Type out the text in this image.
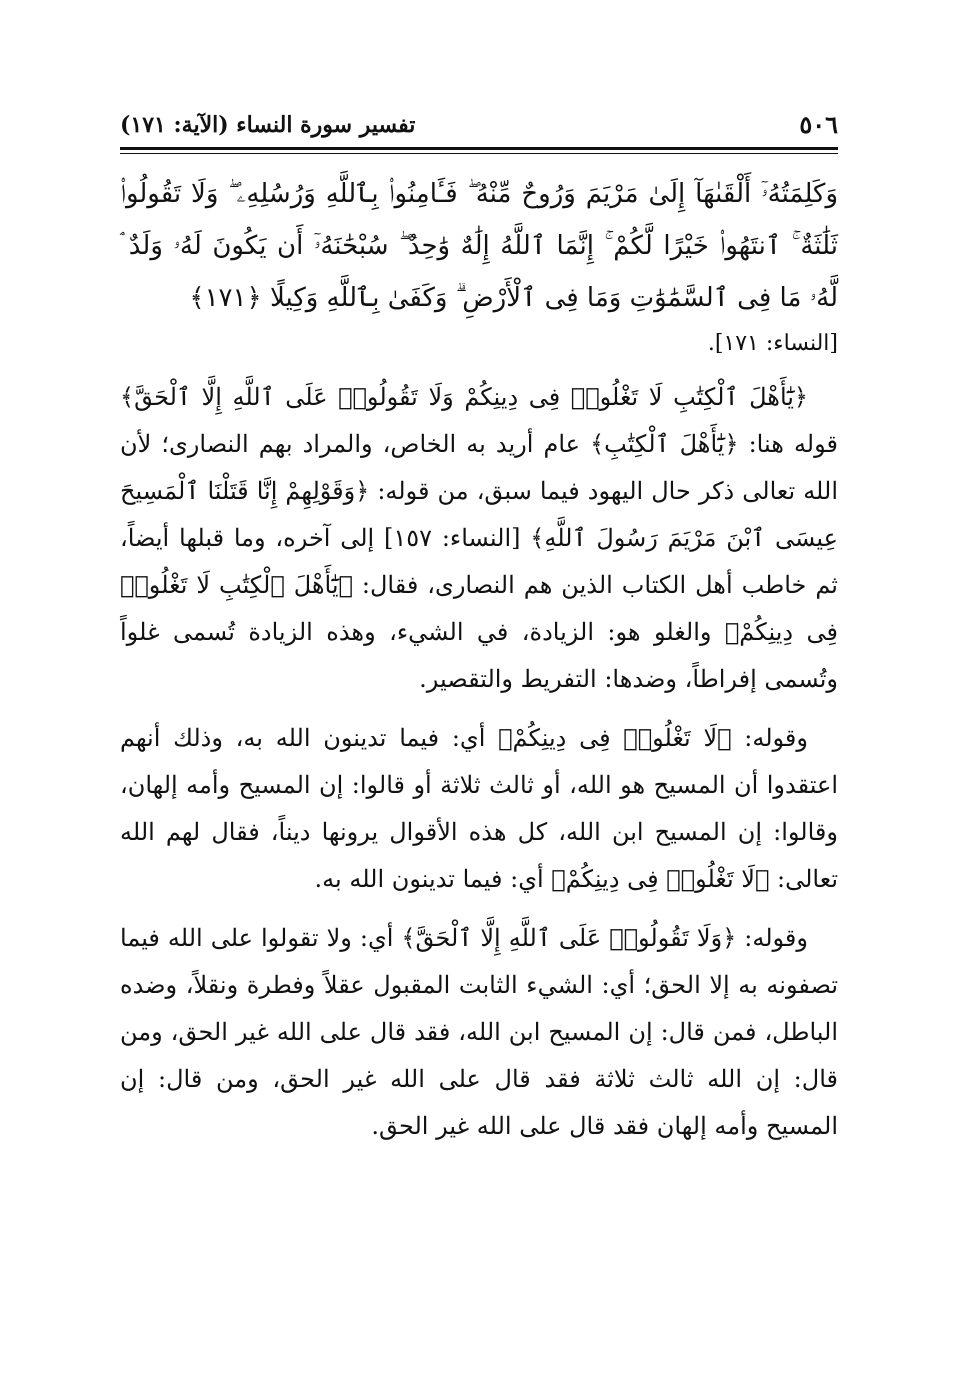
٥٠٦
تفسير سورة النساء (الآية: ١٧١)

وَكَلِمَتُهُۥٓ أَلْقَىٰهَآ إِلَىٰ مَرْيَمَ وَرُوحٌ مِّنْهُ ۖ فَـَٔامِنُوا۟ بِٱللَّهِ وَرُسُلِهِۦ ۖ وَلَا تَقُولُوا۟ ثَلَٰثَةٌ ۚ ٱنتَهُوا۟ خَيْرًا لَّكُمْ ۚ إِنَّمَا ٱللَّهُ إِلَٰهٌ وَٰحِدٌ ۖ سُبْحَٰنَهُۥٓ أَن يَكُونَ لَهُۥ وَلَدٌ ۘ لَّهُۥ مَا فِى ٱلسَّمَٰوَٰتِ وَمَا فِى ٱلْأَرْضِ ۗ وَكَفَىٰ بِٱللَّهِ وَكِيلًا ﴿١٧١﴾

[النساء: ١٧١].

﴿يَٰٓأَهْلَ ٱلْكِتَٰبِ لَا تَغْلُوا۟ فِى دِينِكُمْ وَلَا تَقُولُوا۟ عَلَى ٱللَّهِ إِلَّا ٱلْحَقَّ﴾ قوله هنا: ﴿يَٰٓأَهْلَ ٱلْكِتَٰبِ﴾ عام أريد به الخاص، والمراد بهم النصارى؛ لأن الله تعالى ذكر حال اليهود فيما سبق، من قوله: ﴿وَقَوْلِهِمْ إِنَّا قَتَلْنَا ٱلْمَسِيحَ عِيسَى ٱبْنَ مَرْيَمَ رَسُولَ ٱللَّهِ﴾ [النساء: ١٥٧] إلى آخره، وما قبلها أيضاً، ثم خاطب أهل الكتاب الذين هم النصارى، فقال: ﴿يَٰٓأَهْلَ ٱلْكِتَٰبِ لَا تَغْلُوا۟ فِى دِينِكُمْ﴾ والغلو هو: الزيادة، في الشيء، وهذه الزيادة تُسمى غلواً وتُسمى إفراطاً، وضدها: التفريط والتقصير.

وقوله: ﴿لَا تَغْلُوا۟ فِى دِينِكُمْ﴾ أي: فيما تدينون الله به، وذلك أنهم اعتقدوا أن المسيح هو الله، أو ثالث ثلاثة أو قالوا: إن المسيح وأمه إلهان، وقالوا: إن المسيح ابن الله، كل هذه الأقوال يرونها ديناً، فقال لهم الله تعالى: ﴿لَا تَغْلُوا۟ فِى دِينِكُمْ﴾ أي: فيما تدينون الله به.

وقوله: ﴿وَلَا تَقُولُوا۟ عَلَى ٱللَّهِ إِلَّا ٱلْحَقَّ﴾ أي: ولا تقولوا على الله فيما تصفونه به إلا الحق؛ أي: الشيء الثابت المقبول عقلاً وفطرة ونقلاً، وضده الباطل، فمن قال: إن المسيح ابن الله، فقد قال على الله غير الحق، ومن قال: إن الله ثالث ثلاثة فقد قال على الله غير الحق، ومن قال: إن المسيح وأمه إلهان فقد قال على الله غير الحق.
